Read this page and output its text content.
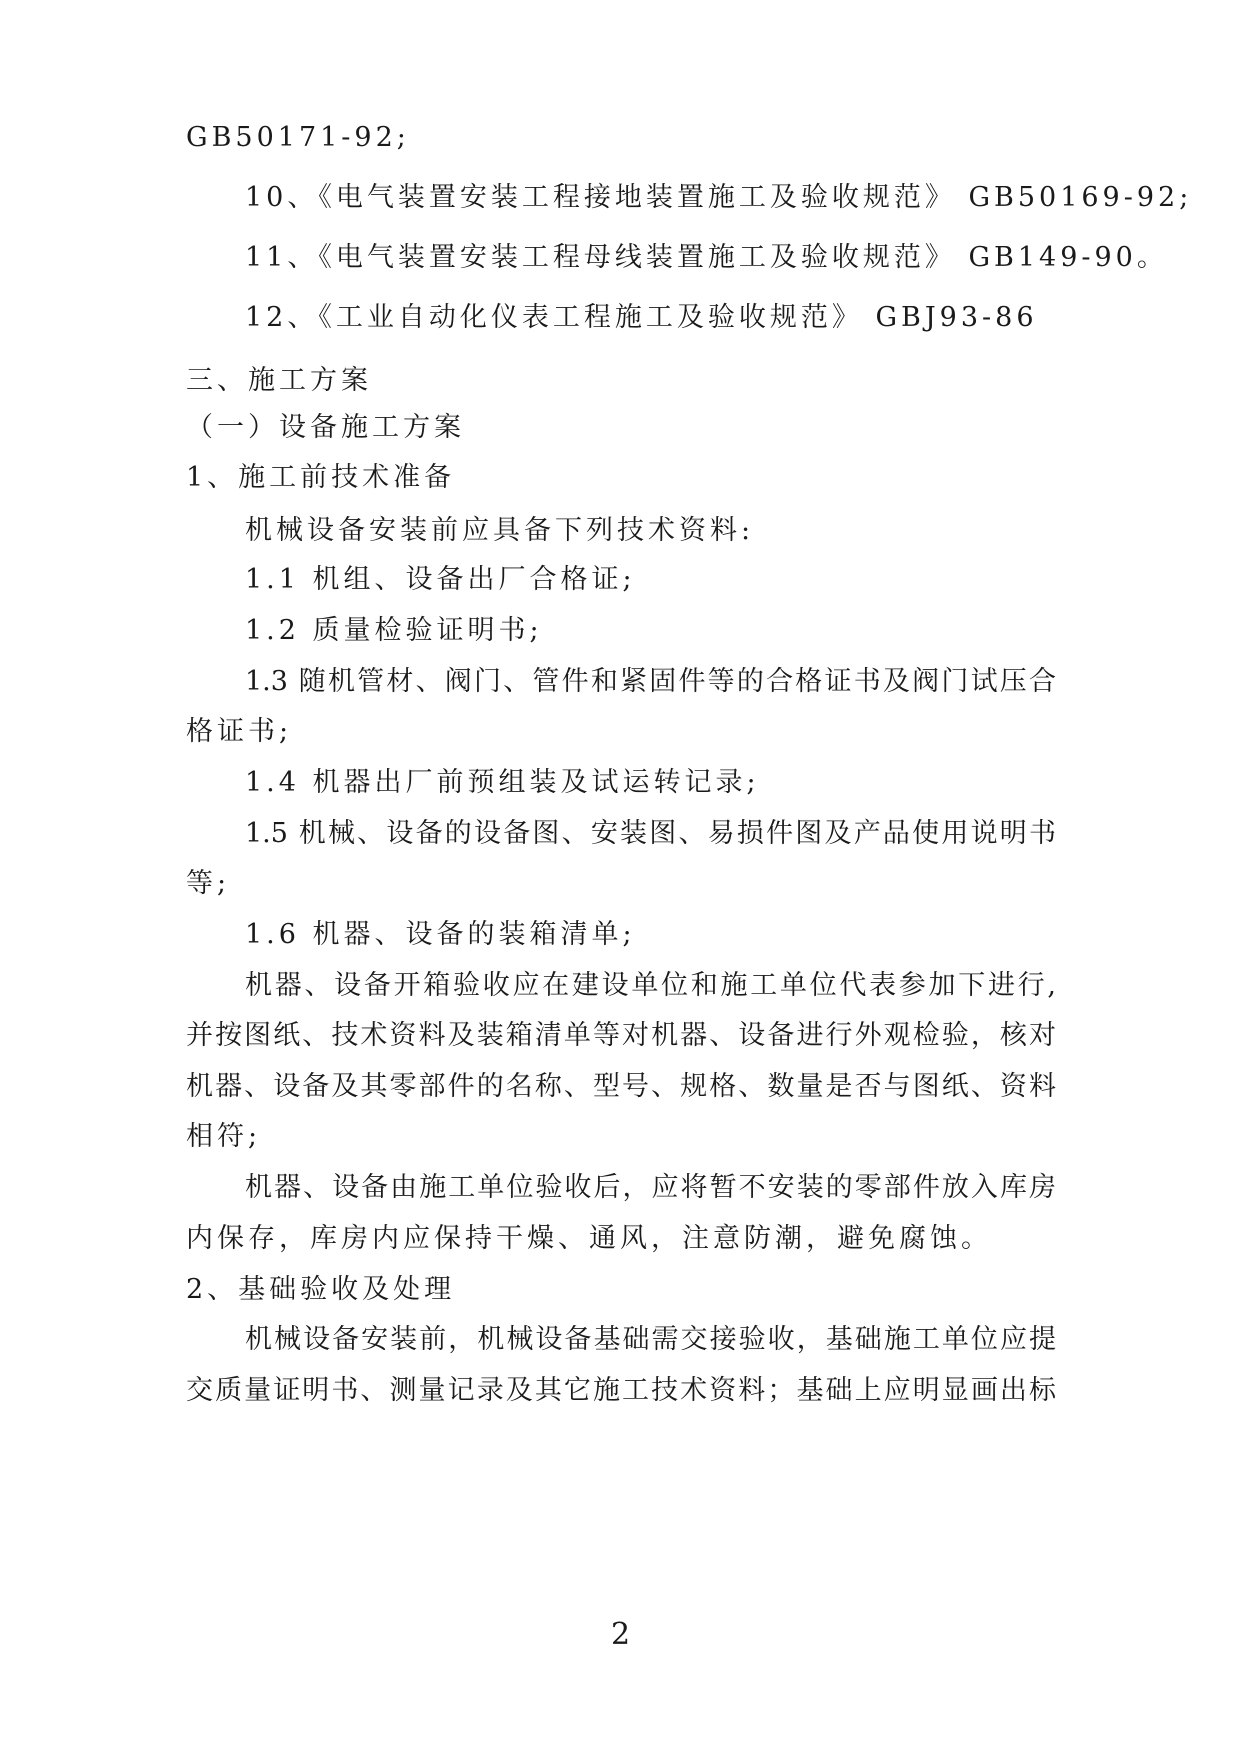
GB50171-92;
10、《电气装置安装工程接地装置施工及验收规范》 GB50169-92;
11、《电气装置安装工程母线装置施工及验收规范》 GB149-90。
12、《工业自动化仪表工程施工及验收规范》 GBJ93-86
三、施工方案
（一）设备施工方案
1、施工前技术准备
机械设备安装前应具备下列技术资料:
1.1 机组、设备出厂合格证;
1.2 质量检验证明书;
1.3 随机管材、阀门、管件和紧固件等的合格证书及阀门试压合
格证书;
1.4 机器出厂前预组装及试运转记录;
1.5 机械、设备的设备图、安装图、易损件图及产品使用说明书
等;
1.6 机器、设备的装箱清单;
机器、设备开箱验收应在建设单位和施工单位代表参加下进行,
并按图纸、技术资料及装箱清单等对机器、设备进行外观检验，核对
机器、设备及其零部件的名称、型号、规格、数量是否与图纸、资料
相符;
机器、设备由施工单位验收后，应将暂不安装的零部件放入库房
内保存，库房内应保持干燥、通风，注意防潮，避免腐蚀。
2、基础验收及处理
机械设备安装前，机械设备基础需交接验收，基础施工单位应提
交质量证明书、测量记录及其它施工技术资料；基础上应明显画出标
2
